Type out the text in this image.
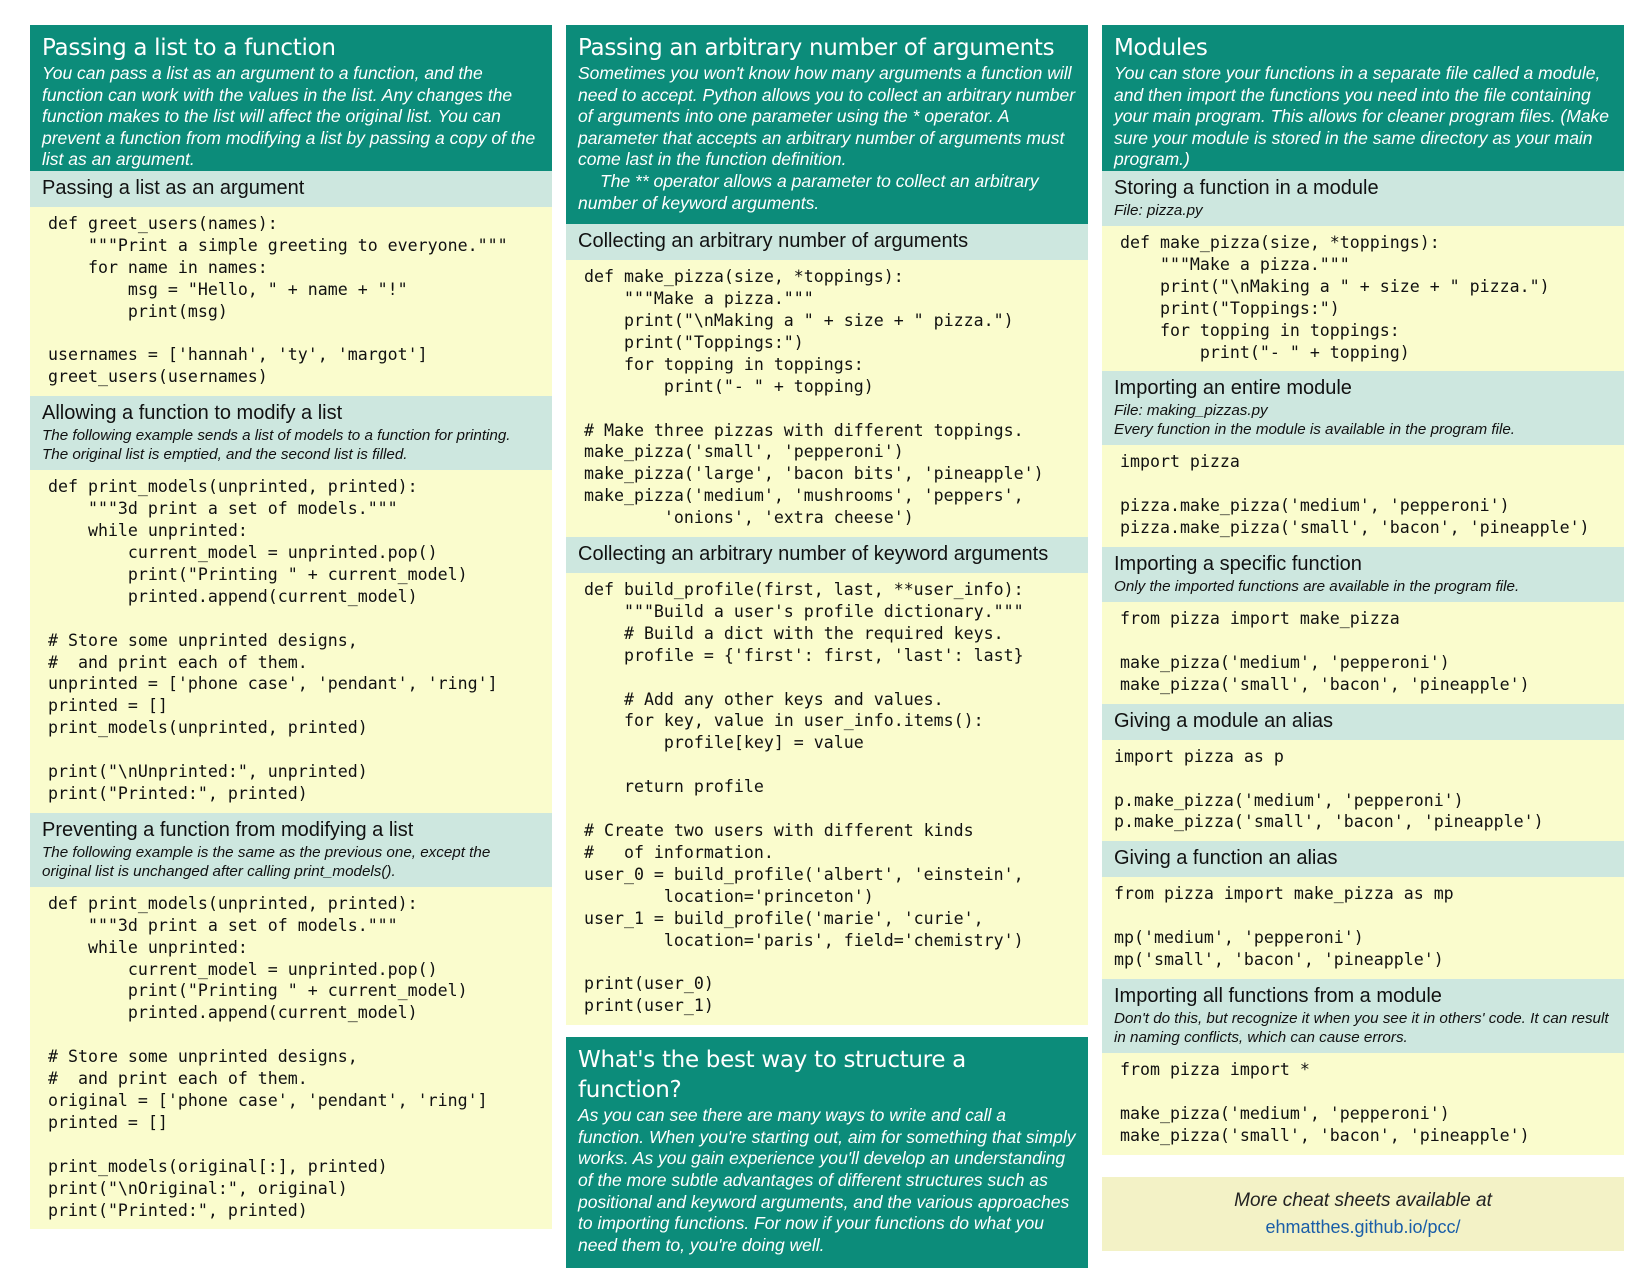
Passing a list to a function
You can pass a list as an argument to a function, and the function can work with the values in the list. Any changes the function makes to the list will affect the original list. You can prevent a function from modifying a list by passing a copy of the list as an argument.
Passing a list as an argument
def greet_users(names):
"""Print a simple greeting to everyone."""
for name in names:
msg = "Hello, " + name + "!"
print(msg)

usernames = ['hannah', 'ty', 'margot']
greet_users(usernames)
Allowing a function to modify a list
The following example sends a list of models to a function for printing. The original list is emptied, and the second list is filled.
def print_models(unprinted, printed):
"""3d print a set of models."""
while unprinted:
current_model = unprinted.pop()
print("Printing " + current_model)
printed.append(current_model)

# Store some unprinted designs,
#  and print each of them.
unprinted = ['phone case', 'pendant', 'ring']
printed = []
print_models(unprinted, printed)

print("\nUnprinted:", unprinted)
print("Printed:", printed)
Preventing a function from modifying a list
The following example is the same as the previous one, except the original list is unchanged after calling print_models().
def print_models(unprinted, printed):
"""3d print a set of models."""
while unprinted:
current_model = unprinted.pop()
print("Printing " + current_model)
printed.append(current_model)

# Store some unprinted designs,
#  and print each of them.
original = ['phone case', 'pendant', 'ring']
printed = []

print_models(original[:], printed)
print("\nOriginal:", original)
print("Printed:", printed)
Passing an arbitrary number of arguments
Sometimes you won't know how many arguments a function will need to accept. Python allows you to collect an arbitrary number of arguments into one parameter using the * operator. A parameter that accepts an arbitrary number of arguments must come last in the function definition.
The ** operator allows a parameter to collect an arbitrary number of keyword arguments.
Collecting an arbitrary number of arguments
def make_pizza(size, *toppings):
"""Make a pizza."""
print("\nMaking a " + size + " pizza.")
print("Toppings:")
for topping in toppings:
print("- " + topping)

# Make three pizzas with different toppings.
make_pizza('small', 'pepperoni')
make_pizza('large', 'bacon bits', 'pineapple')
make_pizza('medium', 'mushrooms', 'peppers',
'onions', 'extra cheese')
Collecting an arbitrary number of keyword arguments
def build_profile(first, last, **user_info):
"""Build a user's profile dictionary."""
# Build a dict with the required keys.
profile = {'first': first, 'last': last}

# Add any other keys and values.
for key, value in user_info.items():
profile[key] = value

return profile

# Create two users with different kinds
#   of information.
user_0 = build_profile('albert', 'einstein',
location='princeton')
user_1 = build_profile('marie', 'curie',
location='paris', field='chemistry')

print(user_0)
print(user_1)
What's the best way to structure a function?
As you can see there are many ways to write and call a function. When you're starting out, aim for something that simply works. As you gain experience you'll develop an understanding of the more subtle advantages of different structures such as positional and keyword arguments, and the various approaches to importing functions. For now if your functions do what you need them to, you're doing well.
Modules
You can store your functions in a separate file called a module, and then import the functions you need into the file containing your main program. This allows for cleaner program files. (Make sure your module is stored in the same directory as your main program.)
Storing a function in a module
File: pizza.py
def make_pizza(size, *toppings):
"""Make a pizza."""
print("\nMaking a " + size + " pizza.")
print("Toppings:")
for topping in toppings:
print("- " + topping)
Importing an entire module
File: making_pizzas.py
Every function in the module is available in the program file.
import pizza

pizza.make_pizza('medium', 'pepperoni')
pizza.make_pizza('small', 'bacon', 'pineapple')
Importing a specific function
Only the imported functions are available in the program file.
from pizza import make_pizza

make_pizza('medium', 'pepperoni')
make_pizza('small', 'bacon', 'pineapple')
Giving a module an alias
import pizza as p

p.make_pizza('medium', 'pepperoni')
p.make_pizza('small', 'bacon', 'pineapple')
Giving a function an alias
from pizza import make_pizza as mp

mp('medium', 'pepperoni')
mp('small', 'bacon', 'pineapple')
Importing all functions from a module
Don't do this, but recognize it when you see it in others' code. It can result in naming conflicts, which can cause errors.
from pizza import *

make_pizza('medium', 'pepperoni')
make_pizza('small', 'bacon', 'pineapple')
More cheat sheets available at
ehmatthes.github.io/pcc/
